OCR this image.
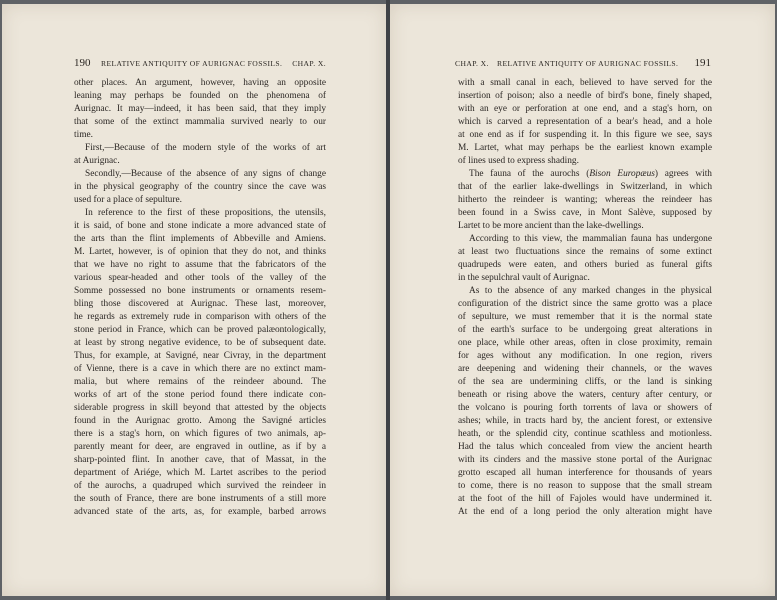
190 RELATIVE ANTIQUITY OF AURIGNAC FOSSILS. CHAP. X.
other places. An argument, however, having an opposite
leaning may perhaps be founded on the phenomena of
Aurignac. It may—indeed, it has been said, that they imply
that some of the extinct mammalia survived nearly to our
time.
First,—Because of the modern style of the works of art
at Aurignac.
Secondly,—Because of the absence of any signs of change
in the physical geography of the country since the cave was
used for a place of sepulture.
In reference to the first of these propositions, the utensils,
it is said, of bone and stone indicate a more advanced state of
the arts than the flint implements of Abbeville and Amiens.
M. Lartet, however, is of opinion that they do not, and thinks
that we have no right to assume that the fabricators of the
various spear-headed and other tools of the valley of the
Somme possessed no bone instruments or ornaments resem-
bling those discovered at Aurignac. These last, moreover,
he regards as extremely rude in comparison with others of the
stone period in France, which can be proved palæontologically,
at least by strong negative evidence, to be of subsequent date.
Thus, for example, at Savigné, near Civray, in the department
of Vienne, there is a cave in which there are no extinct mam-
malia, but where remains of the reindeer abound. The
works of art of the stone period found there indicate con-
siderable progress in skill beyond that attested by the objects
found in the Aurignac grotto. Among the Savigné articles
there is a stag's horn, on which figures of two animals, ap-
parently meant for deer, are engraved in outline, as if by a
sharp-pointed flint. In another cave, that of Massat, in the
department of Ariége, which M. Lartet ascribes to the period
of the aurochs, a quadruped which survived the reindeer in
the south of France, there are bone instruments of a still more
advanced state of the arts, as, for example, barbed arrows
CHAP. X. RELATIVE ANTIQUITY OF AURIGNAC FOSSILS. 191
with a small canal in each, believed to have served for the
insertion of poison; also a needle of bird's bone, finely shaped,
with an eye or perforation at one end, and a stag's horn, on
which is carved a representation of a bear's head, and a hole
at one end as if for suspending it. In this figure we see, says
M. Lartet, what may perhaps be the earliest known example
of lines used to express shading.
The fauna of the aurochs (Bison Europæus) agrees with
that of the earlier lake-dwellings in Switzerland, in which
hitherto the reindeer is wanting; whereas the reindeer has
been found in a Swiss cave, in Mont Salève, supposed by
Lartet to be more ancient than the lake-dwellings.
According to this view, the mammalian fauna has undergone
at least two fluctuations since the remains of some extinct
quadrupeds were eaten, and others buried as funeral gifts
in the sepulchral vault of Aurignac.
As to the absence of any marked changes in the physical
configuration of the district since the same grotto was a place
of sepulture, we must remember that it is the normal state
of the earth's surface to be undergoing great alterations in
one place, while other areas, often in close proximity, remain
for ages without any modification. In one region, rivers
are deepening and widening their channels, or the waves
of the sea are undermining cliffs, or the land is sinking
beneath or rising above the waters, century after century, or
the volcano is pouring forth torrents of lava or showers of
ashes; while, in tracts hard by, the ancient forest, or extensive
heath, or the splendid city, continue scathless and motionless.
Had the talus which concealed from view the ancient hearth
with its cinders and the massive stone portal of the Aurignac
grotto escaped all human interference for thousands of years
to come, there is no reason to suppose that the small stream
at the foot of the hill of Fajoles would have undermined it.
At the end of a long period the only alteration might have
